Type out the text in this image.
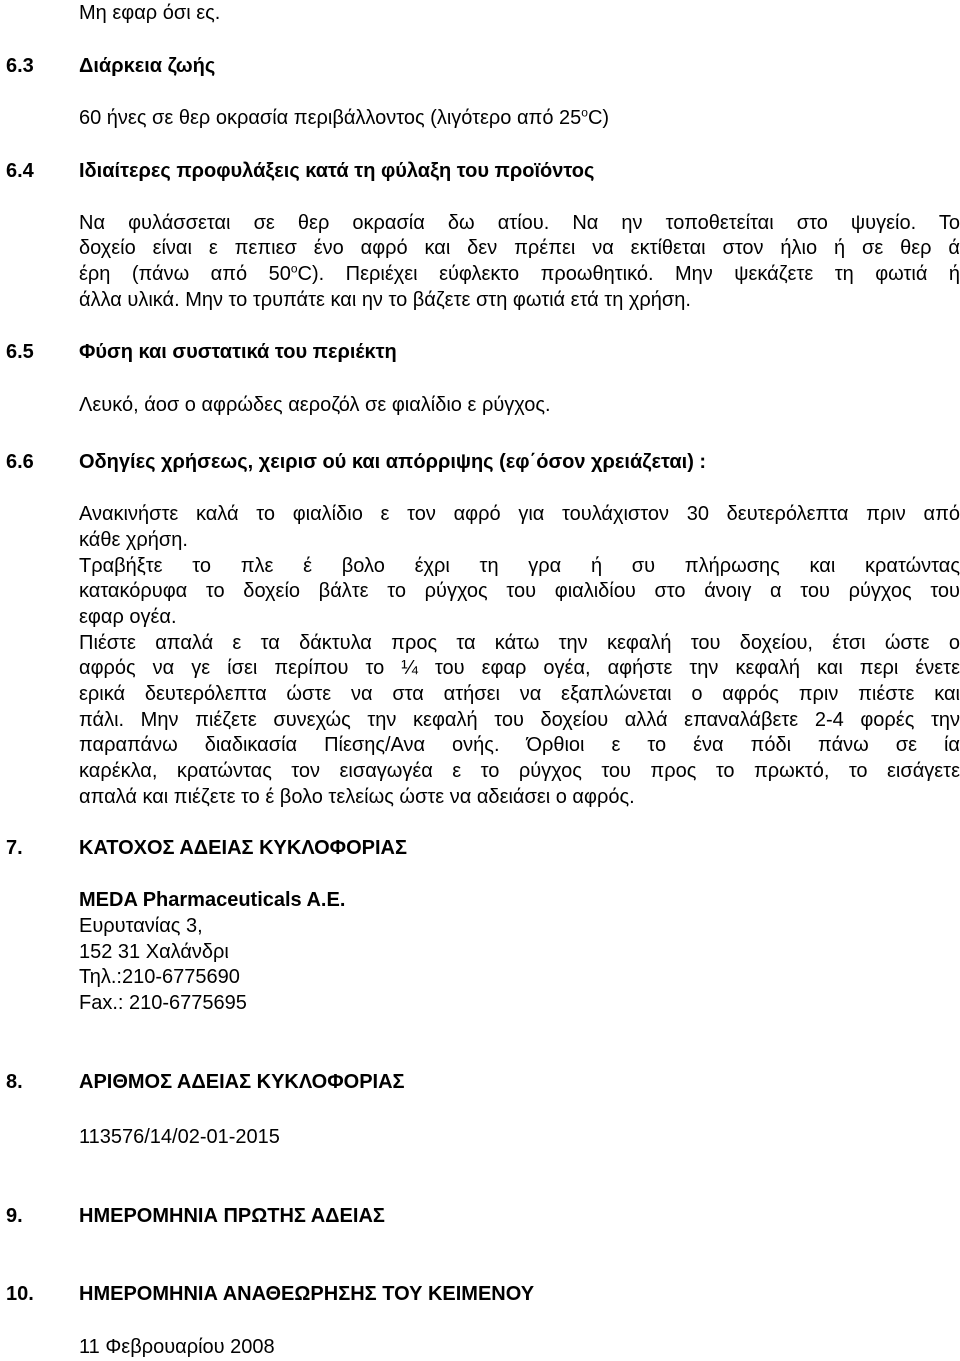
Μη εφαρ όσι ες.
6.3 Διάρκεια ζωής
60 ήνες σε θερ οκρασία περιβάλλοντος (λιγότερο από 25$^o$C)
6.4 Ιδιαίτερες προφυλάξεις κατά τη φύλαξη του προϊόντος
Να φυλάσσεται σε θερ οκρασία δω ατίου. Να ην τοποθετείται στο ψυγείο. Το
δοχείο είναι ε πεπιεσ ένο αφρό και δεν πρέπει να εκτίθεται στον ήλιο ή σε θερ ά
έρη (πάνω από 50$^o$C). Περιέχει εύφλεκτο προωθητικό. Μην ψεκάζετε τη φωτιά ή
άλλα υλικά. Μην το τρυπάτε και ην το βάζετε στη φωτιά ετά τη χρήση.
6.5 Φύση και συστατικά του περιέκτη
Λευκό, άοσ ο αφρώδες αεροζόλ σε φιαλίδιο ε ρύγχος.
6.6 Οδηγίες χρήσεως, χειρισ ού και απόρριψης (εφ΄όσον χρειάζεται) :
Ανακινήστε καλά το φιαλίδιο ε τον αφρό για τουλάχιστον 30 δευτερόλεπτα πριν από
κάθε χρήση.
Τραβήξτε το πλε έ βολο έχρι τη γρα ή συ πλήρωσης και κρατώντας
κατακόρυφα το δοχείο βάλτε το ρύγχος του φιαλιδίου στο άνοιγ α του ρύγχος του
εφαρ ογέα.
Πιέστε απαλά ε τα δάκτυλα προς τα κάτω την κεφαλή του δοχείου, έτσι ώστε ο
αφρός να γε ίσει περίπου το ¼ του εφαρ ογέα, αφήστε την κεφαλή και περι ένετε
ερικά δευτερόλεπτα ώστε να στα ατήσει να εξαπλώνεται ο αφρός πριν πιέστε και
πάλι. Μην πιέζετε συνεχώς την κεφαλή του δοχείου αλλά επαναλάβετε 2-4 φορές την
παραπάνω διαδικασία Πίεσης/Ανα ονής. Όρθιοι ε το ένα πόδι πάνω σε ία
καρέκλα, κρατώντας τον εισαγωγέα ε το ρύγχος του προς το πρωκτό, το εισάγετε
απαλά και πιέζετε το έ βολο τελείως ώστε να αδειάσει ο αφρός.
7.	ΚΑΤΟΧΟΣ ΑΔΕΙΑΣ ΚΥΚΛΟΦΟΡΙΑΣ
MEDA Pharmaceuticals A.E.
Ευρυτανίας 3,
152 31 Χαλάνδρι
Τηλ.:210-6775690
Fax.: 210-6775695
8.	ΑΡΙΘΜΟΣ ΑΔΕΙΑΣ ΚΥΚΛΟΦΟΡΙΑΣ
113576/14/02-01-2015
9.	ΗΜΕΡΟΜΗΝΙΑ ΠΡΩΤΗΣ ΑΔΕΙΑΣ
10. ΗΜΕΡΟΜΗΝΙΑ ΑΝΑΘΕΩΡΗΣΗΣ ΤΟΥ ΚΕΙΜΕΝΟΥ
11 Φεβρουαρίου 2008
